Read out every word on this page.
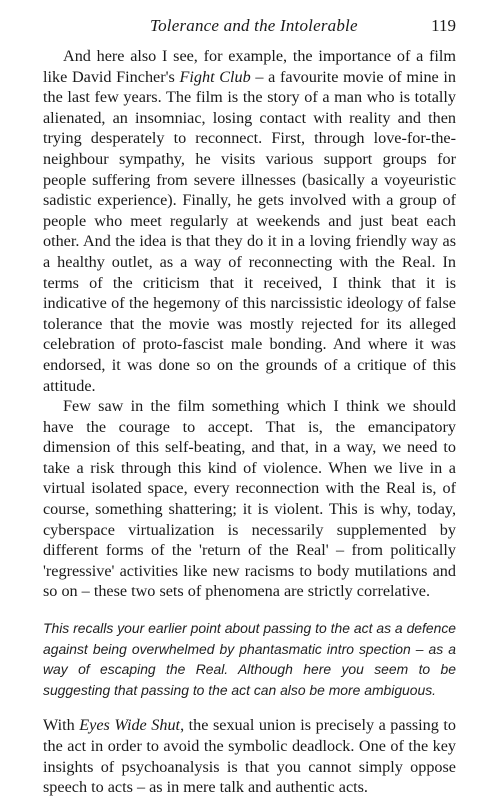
Tolerance and the Intolerable	119

And here also I see, for example, the importance of a film like David Fincher's Fight Club – a favourite movie of mine in the last few years. The film is the story of a man who is totally alienated, an insomniac, losing contact with reality and then trying desperately to reconnect. First, through love-for-the-neighbour sympathy, he visits various support groups for people suffering from severe illnesses (basically a voyeuristic sadistic experience). Finally, he gets involved with a group of people who meet regularly at weekends and just beat each other. And the idea is that they do it in a loving friendly way as a healthy outlet, as a way of reconnecting with the Real. In terms of the criticism that it received, I think that it is indicative of the hegemony of this narcissistic ideology of false tolerance that the movie was mostly rejected for its alleged celebration of proto-fascist male bonding. And where it was endorsed, it was done so on the grounds of a critique of this attitude.

Few saw in the film something which I think we should have the courage to accept. That is, the emancipatory dimension of this self-beating, and that, in a way, we need to take a risk through this kind of violence. When we live in a virtual isolated space, every reconnection with the Real is, of course, something shattering; it is violent. This is why, today, cyberspace virtualization is necessarily supplemented by different forms of the 'return of the Real' – from politically 'regressive' activities like new racisms to body mutilations and so on – these two sets of phenomena are strictly correlative.

This recalls your earlier point about passing to the act as a defence against being overwhelmed by phantasmatic intro spection – as a way of escaping the Real. Although here you seem to be suggesting that passing to the act can also be more ambiguous.

With Eyes Wide Shut, the sexual union is precisely a passing to the act in order to avoid the symbolic deadlock. One of the key insights of psychoanalysis is that you cannot simply oppose speech to acts – as in mere talk and authentic acts.
